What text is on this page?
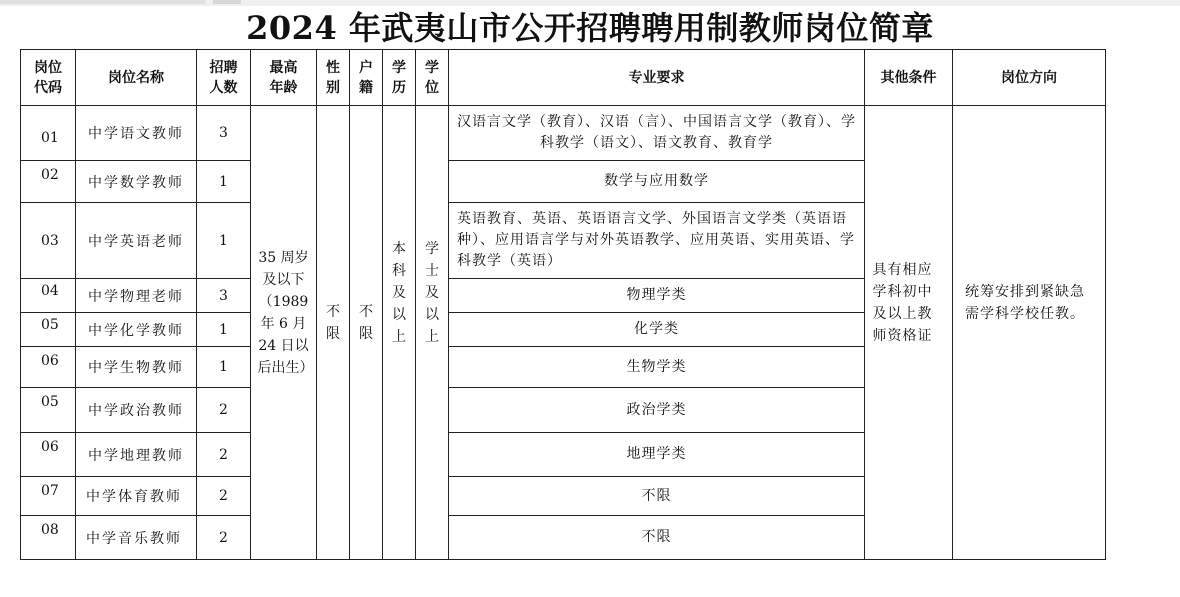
2024 年武夷山市公开招聘聘用制教师岗位简章
岗位代码	岗位名称	招聘人数	最高年龄	性别	户籍	学历	学位	专业要求	其他条件	岗位方向
01	中学语文教师	3	35 周岁及以下（1989 年 6 月 24 日以后出生）	不限	不限	本科及以上	学士及以上	汉语言文学（教育）、汉语（言）、中国语言文学（教育）、学科教学（语文）、语文教育、教育学	具有相应学科初中及以上教师资格证	统筹安排到紧缺急需学科学校任教。

02	中学数学教师	1						数学与应用数学		
03	中学英语老师	1						英语教育、英语、英语语言文学、外国语言文学类（英语语种）、应用语言学与对外英语教学、应用英语、实用英语、学科教学（英语）		
04	中学物理老师	3						物理学类		
05	中学化学教师	1						化学类		
06	中学生物教师	1						生物学类		
05	中学政治教师	2						政治学类		
06	中学地理教师	2						地理学类		
07	中学体育教师	2						不限		
08	中学音乐教师	2						不限		
